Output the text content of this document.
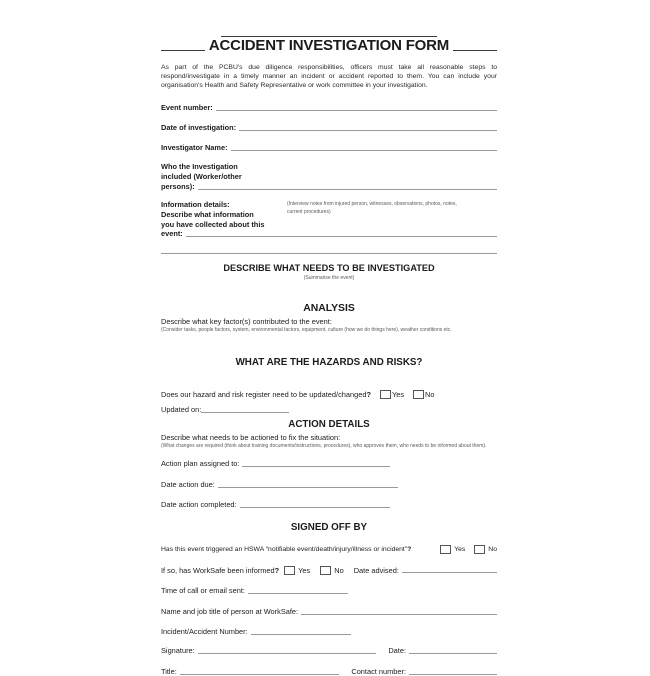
ACCIDENT INVESTIGATION FORM
As part of the PCBU's due diligence responsibilities, officers must take all reasonable steps to respond/investigate in a timely manner an incident or accident reported to them. You can include your organisation's Health and Safety Representative or work committee in your investigation.
Event number:
Date of investigation:
Investigator Name:
Who the Investigation
included (Worker/other
persons):
(Interview notes from injured person, witnesses, observations, photos, notes, current procedures)
Information details:
Describe what information
you have collected about this
event:
DESCRIBE WHAT NEEDS TO BE INVESTIGATED
(Summarise the event)
ANALYSIS
Describe what key factor(s) contributed to the event:
(Consider tasks, people factors, system, environmental factors, equipment, culture (how we do things here), weather conditions etc.
WHAT ARE THE HAZARDS AND RISKS?
Does our hazard and risk register need to be updated/changed ?	Yes	No
Updated on:
ACTION DETAILS
Describe what needs to be actioned to fix the situation:
(What changes are required (think about training documents/instructions, procedures), who approves them, who needs to be informed about them).
Action plan assigned to:
Date action due:
Date action completed:
SIGNED OFF BY
Has this event triggered an HSWA “notifiable event/death/injury/illness or incident”?	Yes	No
If so, has WorkSafe been informed?	Yes	No Date advised:
Time of call or email sent:
Name and job title of person at WorkSafe:
Incident/Accident Number:
Signature:	Date:
Title:	Contact number:
